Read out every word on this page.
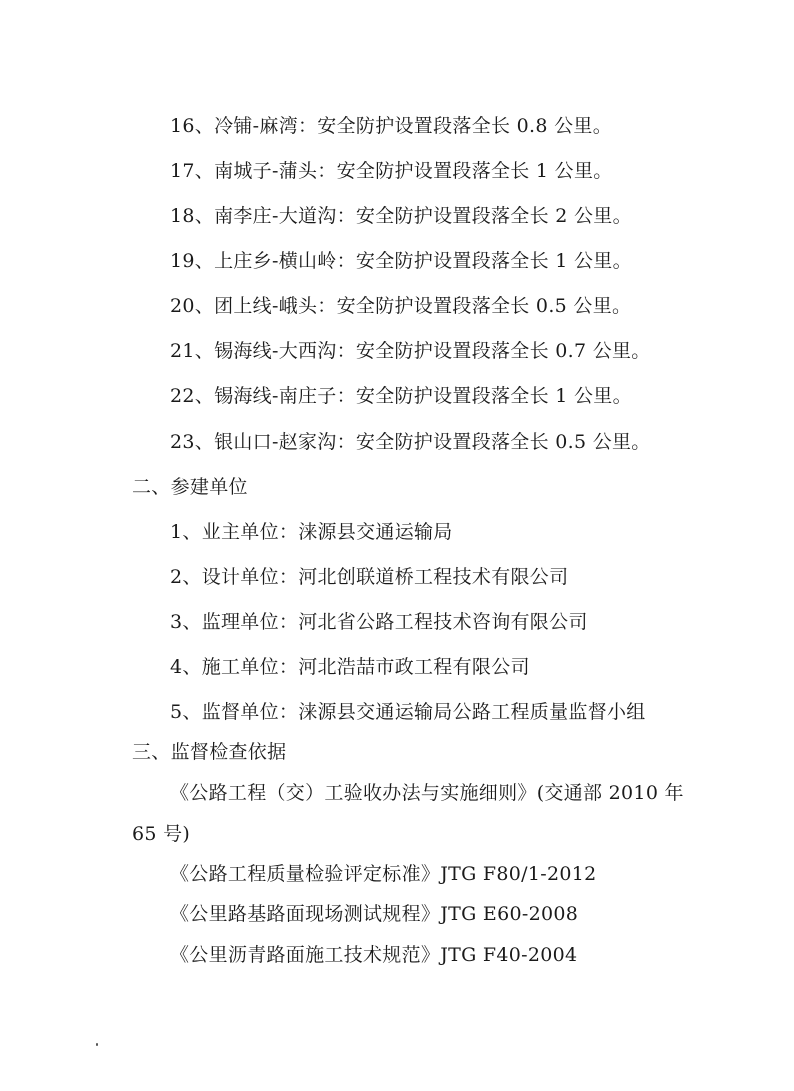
16、冷铺-麻湾：安全防护设置段落全长 0.8 公里。
17、南城子-蒲头：安全防护设置段落全长 1 公里。
18、南李庄-大道沟：安全防护设置段落全长 2 公里。
19、上庄乡-横山岭：安全防护设置段落全长 1 公里。
20、团上线-峨头：安全防护设置段落全长 0.5 公里。
21、锡海线-大西沟：安全防护设置段落全长 0.7 公里。
22、锡海线-南庄子：安全防护设置段落全长 1 公里。
23、银山口-赵家沟：安全防护设置段落全长 0.5 公里。
二、参建单位
1、业主单位：涞源县交通运输局
2、设计单位：河北创联道桥工程技术有限公司
3、监理单位：河北省公路工程技术咨询有限公司
4、施工单位：河北浩喆市政工程有限公司
5、监督单位：涞源县交通运输局公路工程质量监督小组
三、监督检查依据
《公路工程（交）工验收办法与实施细则》(交通部 2010 年
65 号)
《公路工程质量检验评定标准》JTG F80/1-2012
《公里路基路面现场测试规程》JTG E60-2008
《公里沥青路面施工技术规范》JTG F40-2004
